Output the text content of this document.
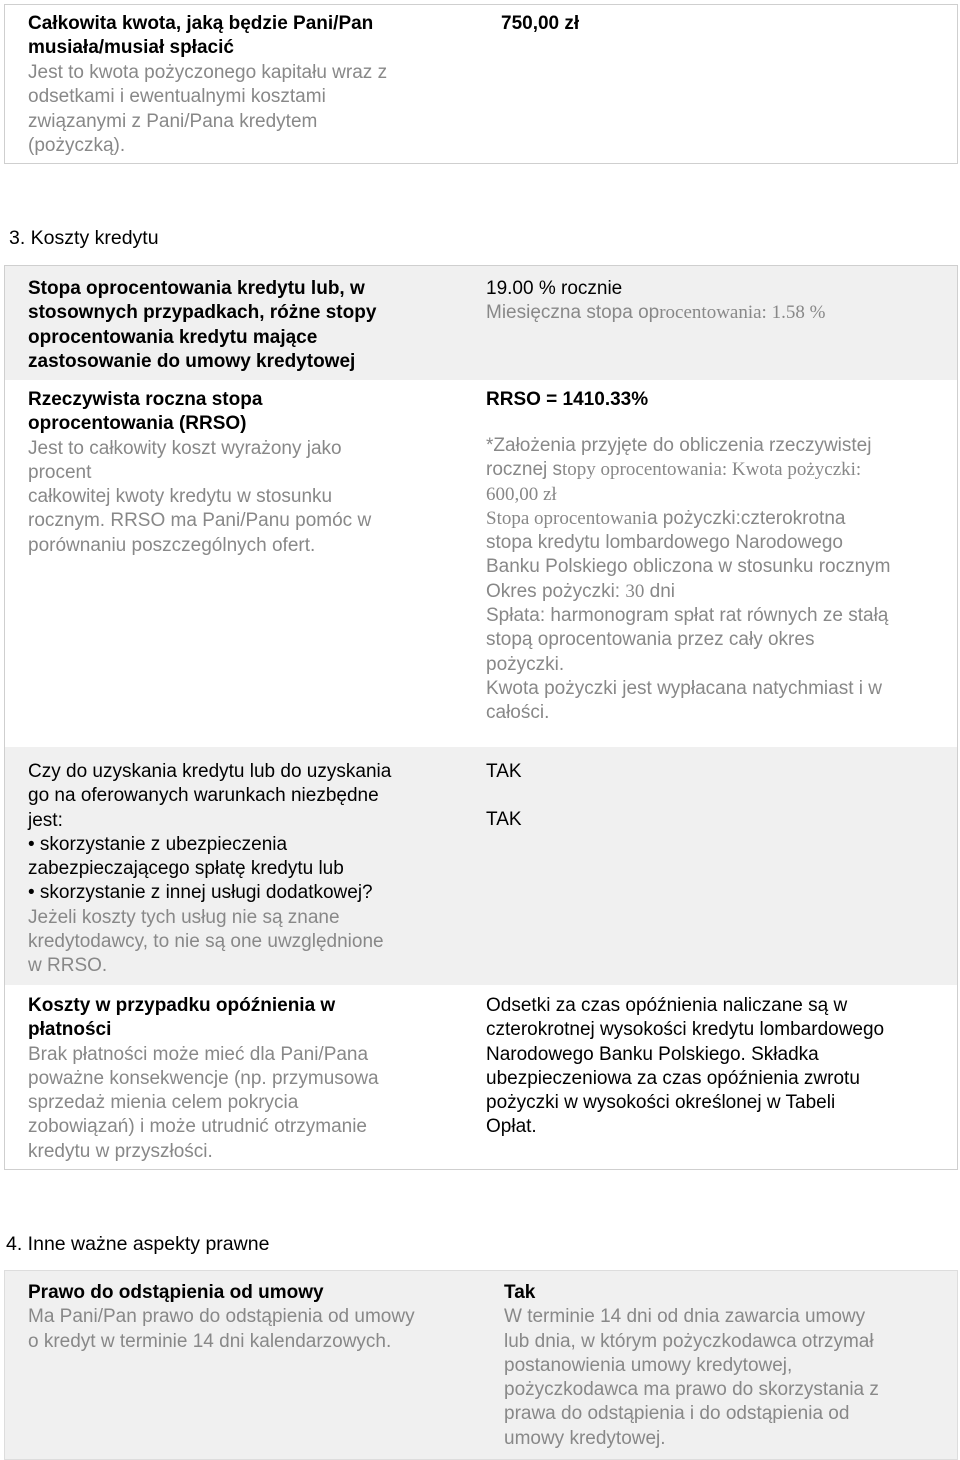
Całkowita kwota, jaką będzie Pani/Pan
musiała/musiał spłacić
Jest to kwota pożyczonego kapitału wraz z
odsetkami i ewentualnymi kosztami
związanymi z Pani/Pana kredytem
(pożyczką).
750,00 zł
3. Koszty kredytu
Stopa oprocentowania kredytu lub, w
stosownych przypadkach, różne stopy
oprocentowania kredytu mające
zastosowanie do umowy kredytowej
19.00 % rocznie
Miesięczna stopa oprocentowania: 1.58 %
Rzeczywista roczna stopa
oprocentowania (RRSO)
Jest to całkowity koszt wyrażony jako
procent
całkowitej kwoty kredytu w stosunku
rocznym. RRSO ma Pani/Panu pomóc w
porównaniu poszczególnych ofert.
RRSO = 1410.33%
*Założenia przyjęte do obliczenia rzeczywistej
rocznej stopy oprocentowania: Kwota pożyczki:
600,00 zł
Stopa oprocentowania pożyczki:czterokrotna
stopa kredytu lombardowego Narodowego
Banku Polskiego obliczona w stosunku rocznym
Okres pożyczki: 30 dni
Spłata: harmonogram spłat rat równych ze stałą
stopą oprocentowania przez cały okres
pożyczki.
Kwota pożyczki jest wypłacana natychmiast i w
całości.
Czy do uzyskania kredytu lub do uzyskania
go na oferowanych warunkach niezbędne
jest:
• skorzystanie z ubezpieczenia
zabezpieczającego spłatę kredytu lub
• skorzystanie z innej usługi dodatkowej?
Jeżeli koszty tych usług nie są znane
kredytodawcy, to nie są one uwzględnione
w RRSO.
TAK
TAK
Koszty w przypadku opóźnienia w
płatności
Brak płatności może mieć dla Pani/Pana
poważne konsekwencje (np. przymusowa
sprzedaż mienia celem pokrycia
zobowiązań) i może utrudnić otrzymanie
kredytu w przyszłości.
Odsetki za czas opóźnienia naliczane są w
czterokrotnej wysokości kredytu lombardowego
Narodowego Banku Polskiego. Składka
ubezpieczeniowa za czas opóźnienia zwrotu
pożyczki w wysokości określonej w Tabeli
Opłat.
4. Inne ważne aspekty prawne
Prawo do odstąpienia od umowy
Ma Pani/Pan prawo do odstąpienia od umowy
o kredyt w terminie 14 dni kalendarzowych.
Tak
W terminie 14 dni od dnia zawarcia umowy
lub dnia, w którym pożyczkodawca otrzymał
postanowienia umowy kredytowej,
pożyczkodawca ma prawo do skorzystania z
prawa do odstąpienia i do odstąpienia od
umowy kredytowej.
